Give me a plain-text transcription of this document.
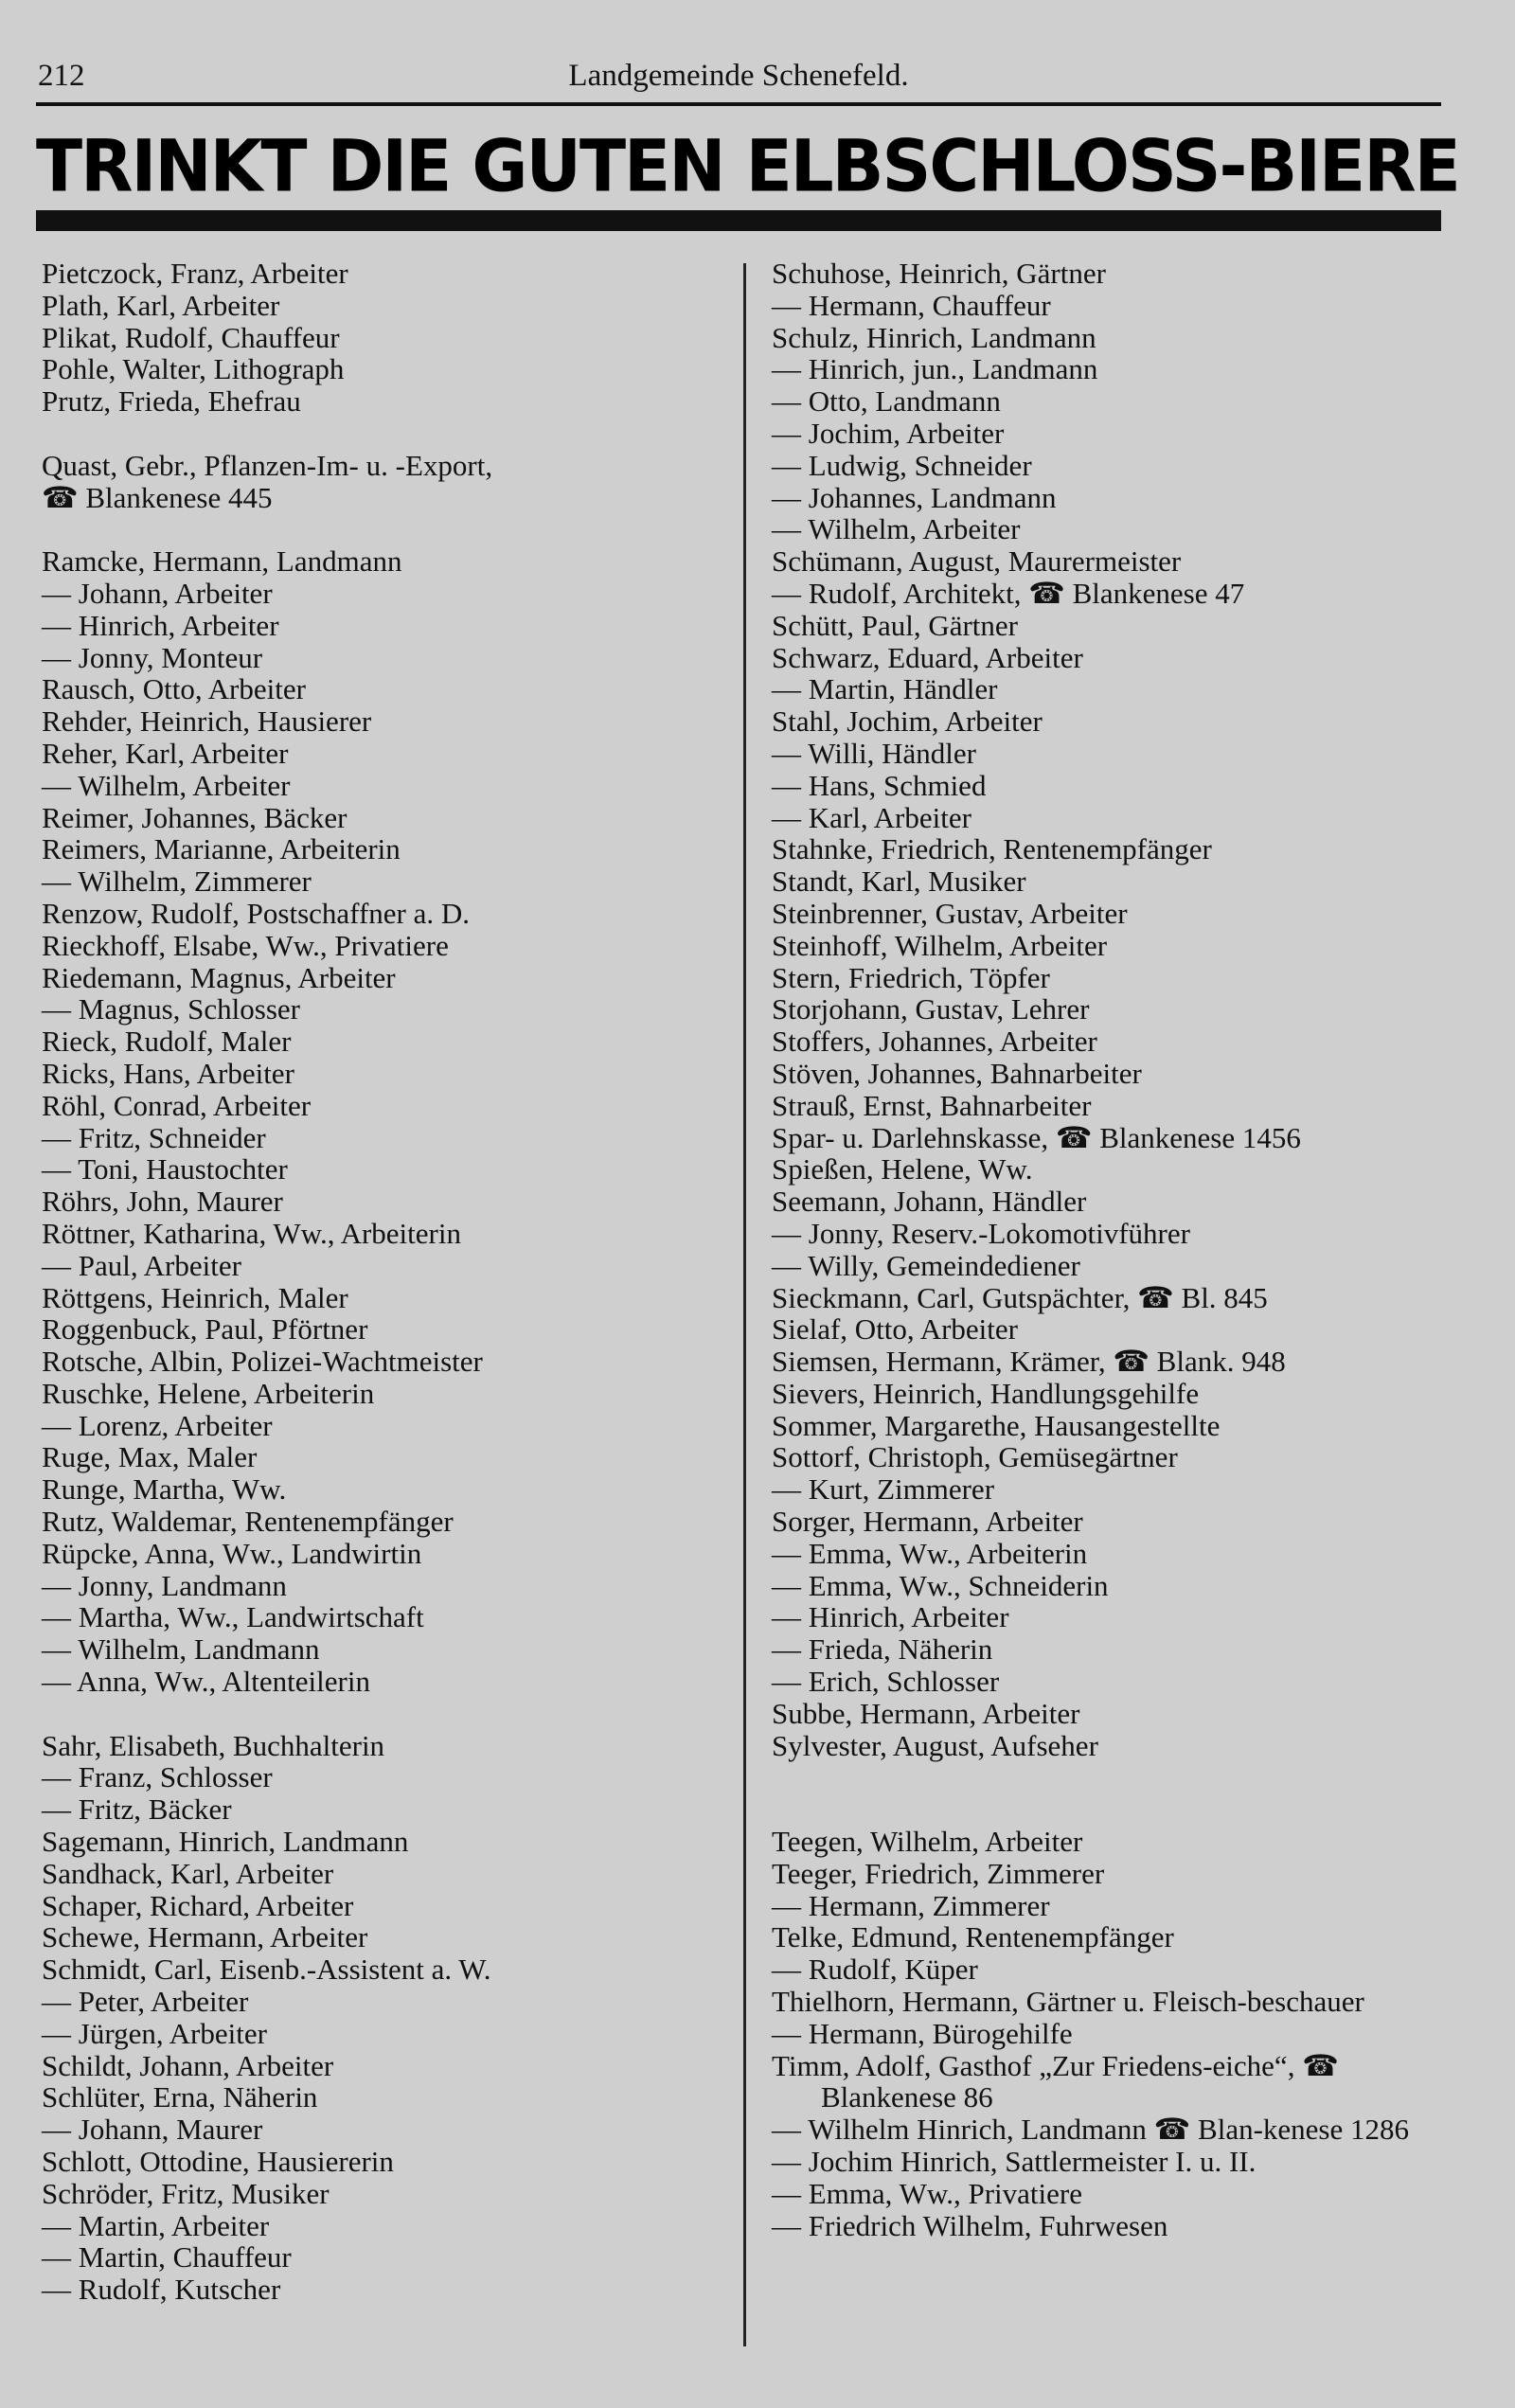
212	Landgemeinde Schenefeld.
TRINKT DIE GUTEN ELBSCHLOSS-BIERE
Pietczock, Franz, Arbeiter
Plath, Karl, Arbeiter
Plikat, Rudolf, Chauffeur
Pohle, Walter, Lithograph
Prutz, Frieda, Ehefrau
Quast, Gebr., Pflanzen-Im- u. -Export,
☎ Blankenese 445
Ramcke, Hermann, Landmann
— Johann, Arbeiter
— Hinrich, Arbeiter
— Jonny, Monteur
Rausch, Otto, Arbeiter
Rehder, Heinrich, Hausierer
Reher, Karl, Arbeiter
— Wilhelm, Arbeiter
Reimer, Johannes, Bäcker
Reimers, Marianne, Arbeiterin
— Wilhelm, Zimmerer
Renzow, Rudolf, Postschaffner a. D.
Rieckhoff, Elsabe, Ww., Privatiere
Riedemann, Magnus, Arbeiter
— Magnus, Schlosser
Rieck, Rudolf, Maler
Ricks, Hans, Arbeiter
Röhl, Conrad, Arbeiter
— Fritz, Schneider
— Toni, Haustochter
Röhrs, John, Maurer
Röttner, Katharina, Ww., Arbeiterin
— Paul, Arbeiter
Röttgens, Heinrich, Maler
Roggenbuck, Paul, Pförtner
Rotsche, Albin, Polizei-Wachtmeister
Ruschke, Helene, Arbeiterin
— Lorenz, Arbeiter
Ruge, Max, Maler
Runge, Martha, Ww.
Rutz, Waldemar, Rentenempfänger
Rüpcke, Anna, Ww., Landwirtin
— Jonny, Landmann
— Martha, Ww., Landwirtschaft
— Wilhelm, Landmann
— Anna, Ww., Altenteilerin
Sahr, Elisabeth, Buchhalterin
— Franz, Schlosser
— Fritz, Bäcker
Sagemann, Hinrich, Landmann
Sandhack, Karl, Arbeiter
Schaper, Richard, Arbeiter
Schewe, Hermann, Arbeiter
Schmidt, Carl, Eisenb.-Assistent a. W.
— Peter, Arbeiter
— Jürgen, Arbeiter
Schildt, Johann, Arbeiter
Schlüter, Erna, Näherin
— Johann, Maurer
Schlott, Ottodine, Hausiererin
Schröder, Fritz, Musiker
— Martin, Arbeiter
— Martin, Chauffeur
— Rudolf, Kutscher
Schuhose, Heinrich, Gärtner
— Hermann, Chauffeur
Schulz, Hinrich, Landmann
— Hinrich, jun., Landmann
— Otto, Landmann
— Jochim, Arbeiter
— Ludwig, Schneider
— Johannes, Landmann
— Wilhelm, Arbeiter
Schümann, August, Maurermeister
— Rudolf, Architekt, ☎ Blankenese 47
Schütt, Paul, Gärtner
Schwarz, Eduard, Arbeiter
— Martin, Händler
Stahl, Jochim, Arbeiter
— Willi, Händler
— Hans, Schmied
— Karl, Arbeiter
Stahnke, Friedrich, Rentenempfänger
Standt, Karl, Musiker
Steinbrenner, Gustav, Arbeiter
Steinhoff, Wilhelm, Arbeiter
Stern, Friedrich, Töpfer
Storjohann, Gustav, Lehrer
Stoffers, Johannes, Arbeiter
Stöven, Johannes, Bahnarbeiter
Strauß, Ernst, Bahnarbeiter
Spar- u. Darlehnskasse, ☎ Blankenese 1456
Spießen, Helene, Ww.
Seemann, Johann, Händler
— Jonny, Reserv.-Lokomotivführer
— Willy, Gemeindediener
Sieckmann, Carl, Gutspächter, ☎ Bl. 845
Sielaf, Otto, Arbeiter
Siemsen, Hermann, Krämer, ☎ Blank. 948
Sievers, Heinrich, Handlungsgehilfe
Sommer, Margarethe, Hausangestellte
Sottorf, Christoph, Gemüsegärtner
— Kurt, Zimmerer
Sorger, Hermann, Arbeiter
— Emma, Ww., Arbeiterin
— Emma, Ww., Schneiderin
— Hinrich, Arbeiter
— Frieda, Näherin
— Erich, Schlosser
Subbe, Hermann, Arbeiter
Sylvester, August, Aufseher
Teegen, Wilhelm, Arbeiter
Teeger, Friedrich, Zimmerer
— Hermann, Zimmerer
Telke, Edmund, Rentenempfänger
— Rudolf, Küper
Thielhorn, Hermann, Gärtner u. Fleisch-beschauer
— Hermann, Bürogehilfe
Timm, Adolf, Gasthof „Zur Friedens-eiche“, ☎ Blankenese 86
— Wilhelm Hinrich, Landmann ☎ Blan-kenese 1286
— Jochim Hinrich, Sattlermeister I. u. II.
— Emma, Ww., Privatiere
— Friedrich Wilhelm, Fuhrwesen
